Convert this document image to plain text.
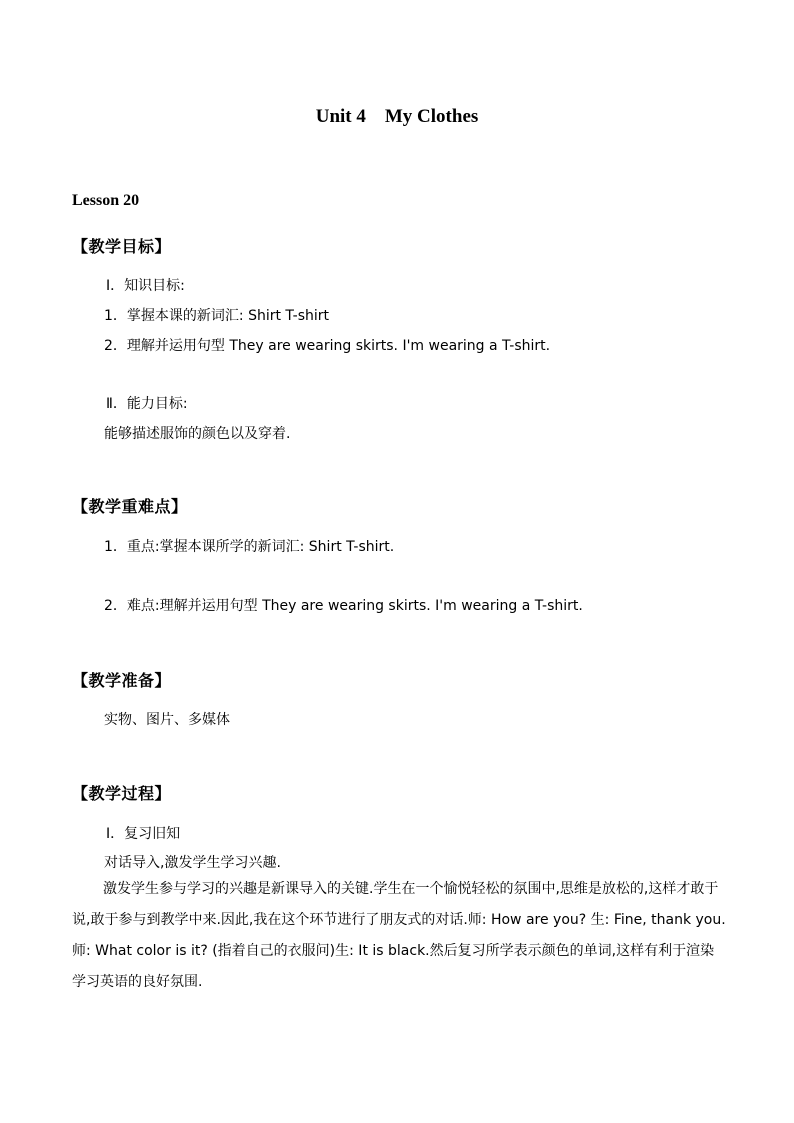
Unit 4    My Clothes
Lesson 20
【教学目标】
Ⅰ．知识目标:
1．掌握本课的新词汇: Shirt T-shirt
2．理解并运用句型 They are wearing skirts. I'm wearing a T-shirt.
Ⅱ．能力目标:
能够描述服饰的颜色以及穿着.
【教学重难点】
1．重点:掌握本课所学的新词汇: Shirt T-shirt.
2．难点:理解并运用句型 They are wearing skirts. I'm wearing a T-shirt.
【教学准备】
实物、图片、多媒体
【教学过程】
Ⅰ．复习旧知
对话导入,激发学生学习兴趣.
激发学生参与学习的兴趣是新课导入的关键.学生在一个愉悦轻松的氛围中,思维是放松的,这样才敢于说,敢于参与到教学中来.因此,我在这个环节进行了朋友式的对话.师: How are you? 生: Fine, thank you.师: What color is it? (指着自己的衣服问)生: It is black.然后复习所学表示颜色的单词,这样有利于渲染学习英语的良好氛围.
